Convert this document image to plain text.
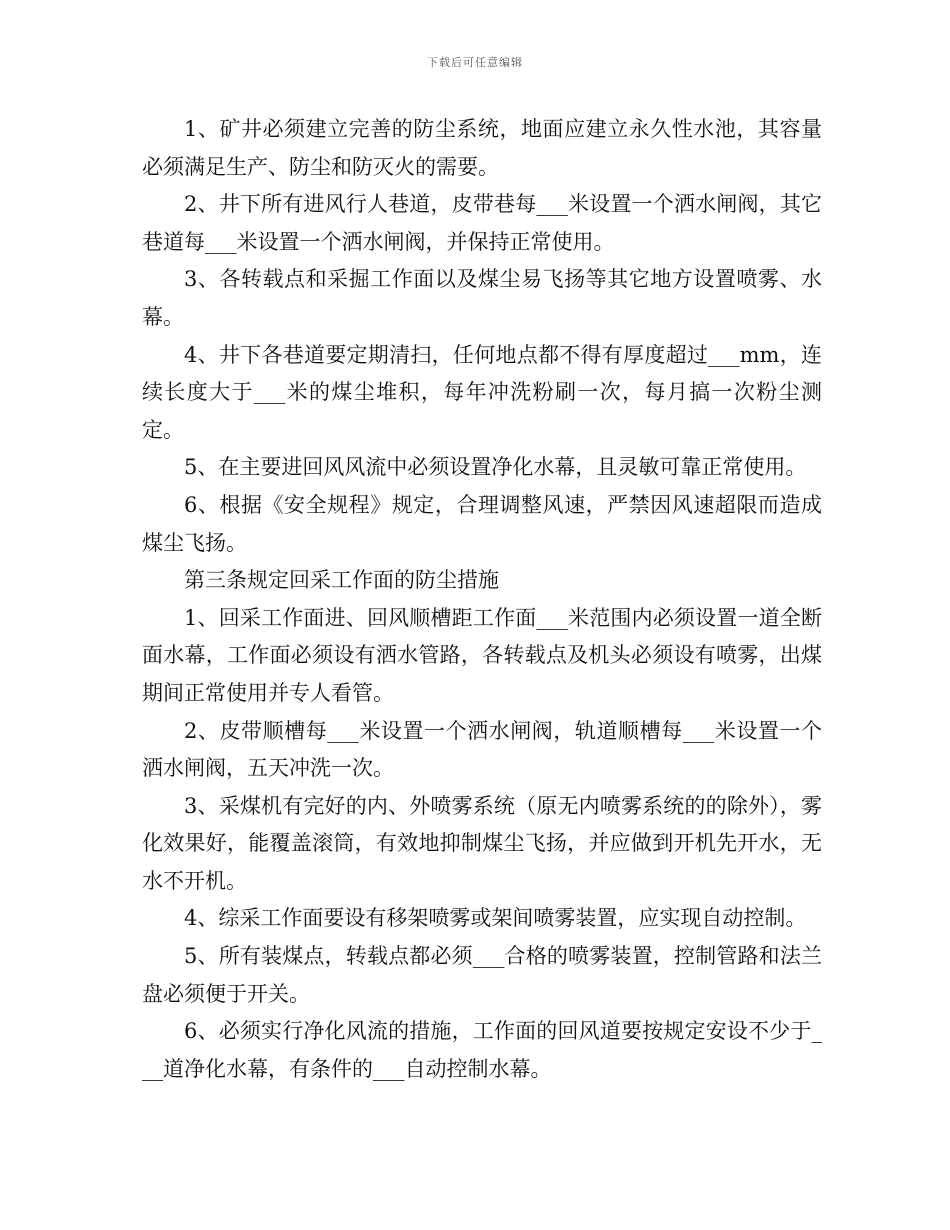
下载后可任意编辑

1、矿井必须建立完善的防尘系统，地面应建立永久性水池，其容量必须满足生产、防尘和防灭火的需要。

2、井下所有进风行人巷道，皮带巷每___米设置一个洒水闸阀，其它巷道每___米设置一个洒水闸阀，并保持正常使用。

3、各转载点和采掘工作面以及煤尘易飞扬等其它地方设置喷雾、水幕。

4、井下各巷道要定期清扫，任何地点都不得有厚度超过___mm，连续长度大于___米的煤尘堆积，每年冲洗粉刷一次，每月搞一次粉尘测定。

5、在主要进回风风流中必须设置净化水幕，且灵敏可靠正常使用。

6、根据《安全规程》规定，合理调整风速，严禁因风速超限而造成煤尘飞扬。

第三条规定回采工作面的防尘措施

1、回采工作面进、回风顺槽距工作面___米范围内必须设置一道全断面水幕，工作面必须设有洒水管路，各转载点及机头必须设有喷雾，出煤期间正常使用并专人看管。

2、皮带顺槽每___米设置一个洒水闸阀，轨道顺槽每___米设置一个洒水闸阀，五天冲洗一次。

3、采煤机有完好的内、外喷雾系统（原无内喷雾系统的的除外），雾化效果好，能覆盖滚筒，有效地抑制煤尘飞扬，并应做到开机先开水，无水不开机。

4、综采工作面要设有移架喷雾或架间喷雾装置，应实现自动控制。

5、所有装煤点，转载点都必须___合格的喷雾装置，控制管路和法兰盘必须便于开关。

6、必须实行净化风流的措施，工作面的回风道要按规定安设不少于___道净化水幕，有条件的___自动控制水幕。
